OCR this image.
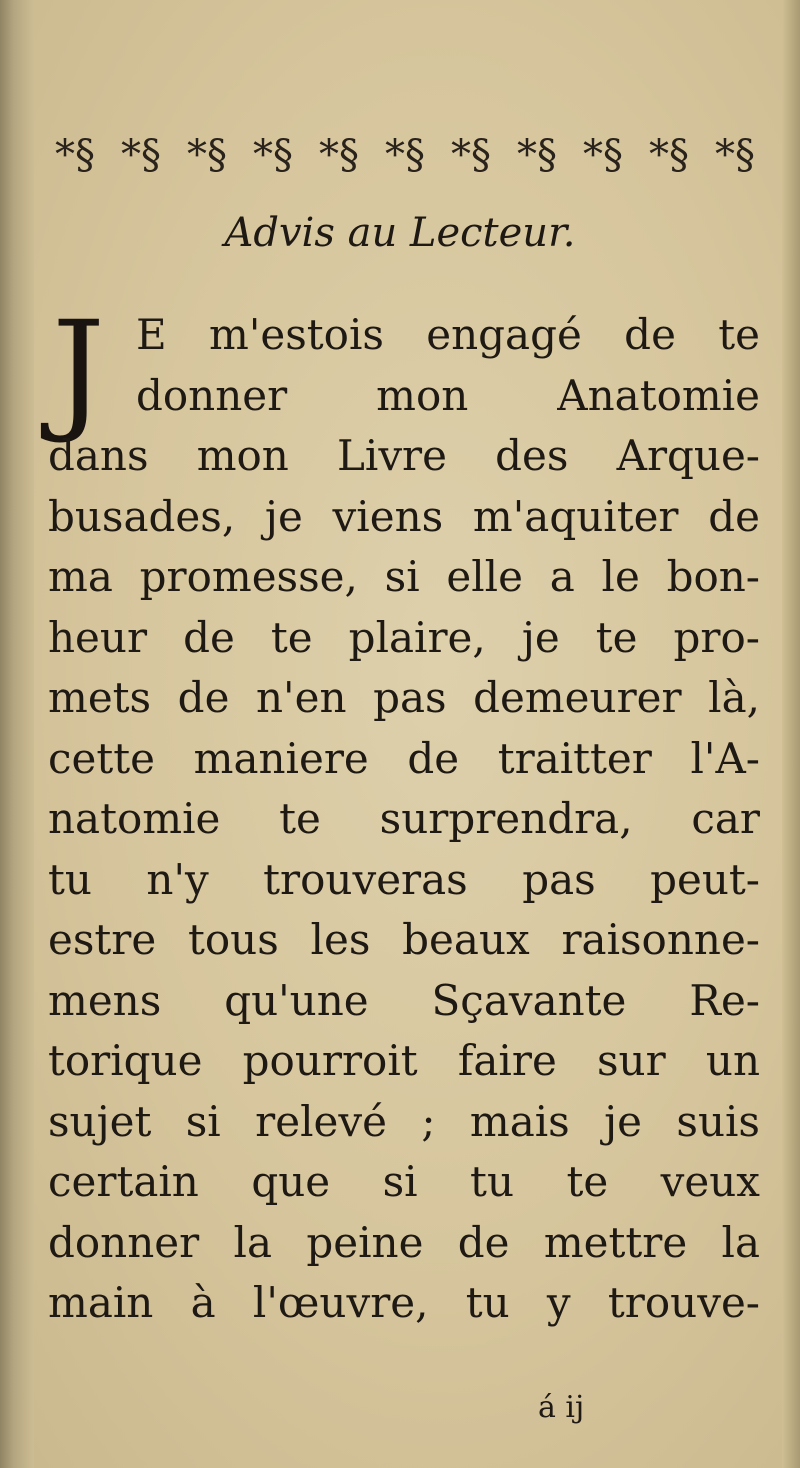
*§ *§ *§ *§ *§ *§ *§ *§ *§ *§ *§
Advis au Lecteur.
J E m'estois engagé de te
donner mon Anatomie
dans mon Livre des Arque-
busades, je viens m'aquiter de
ma promesse, si elle a le bon-
heur de te plaire, je te pro-
mets de n'en pas demeurer là,
cette maniere de traitter l'A-
natomie te surprendra, car
tu n'y trouveras pas peut-
estre tous les beaux raisonne-
mens qu'une Sçavante Re-
torique pourroit faire sur un
sujet si relevé ; mais je suis
certain que si tu te veux
donner la peine de mettre la
main à l'œuvre, tu y trouve-
á ij
